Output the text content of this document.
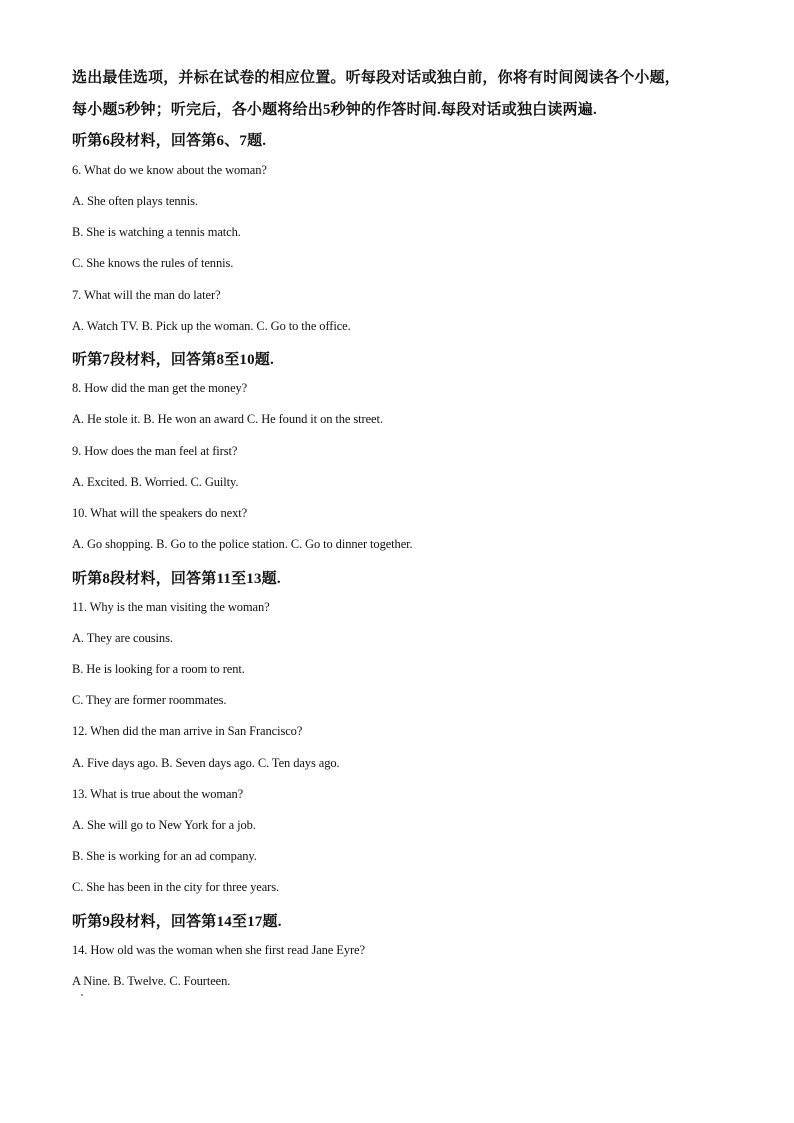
选出最佳选项，并标在试卷的相应位置。听每段对话或独白前，你将有时间阅读各个小题，

每小题5秒钟；听完后，各小题将给出5秒钟的作答时间.每段对话或独白读两遍.

听第6段材料，回答第6、7题.

6. What do we know about the woman?

A. She often plays tennis.

B. She is watching a tennis match.

C. She knows the rules of tennis.

7. What will the man do later?

A. Watch TV. B. Pick up the woman. C. Go to the office.

听第7段材料，回答第8至10题.

8. How did the man get the money?

A. He stole it. B. He won an award C. He found it on the street.

9. How does the man feel at first?

A. Excited. B. Worried. C. Guilty.

10. What will the speakers do next?

A. Go shopping. B. Go to the police station. C. Go to dinner together.

听第8段材料，回答第11至13题.

11. Why is the man visiting the woman?

A. They are cousins.

B. He is looking for a room to rent.

C. They are former roommates.

12. When did the man arrive in San Francisco?

A. Five days ago. B. Seven days ago. C. Ten days ago.

13. What is true about the woman?

A. She will go to New York for a job.

B. She is working for an ad company.

C. She has been in the city for three years.

听第9段材料，回答第14至17题.

14. How old was the woman when she first read Jane Eyre?

A Nine. B. Twelve. C. Fourteen.
